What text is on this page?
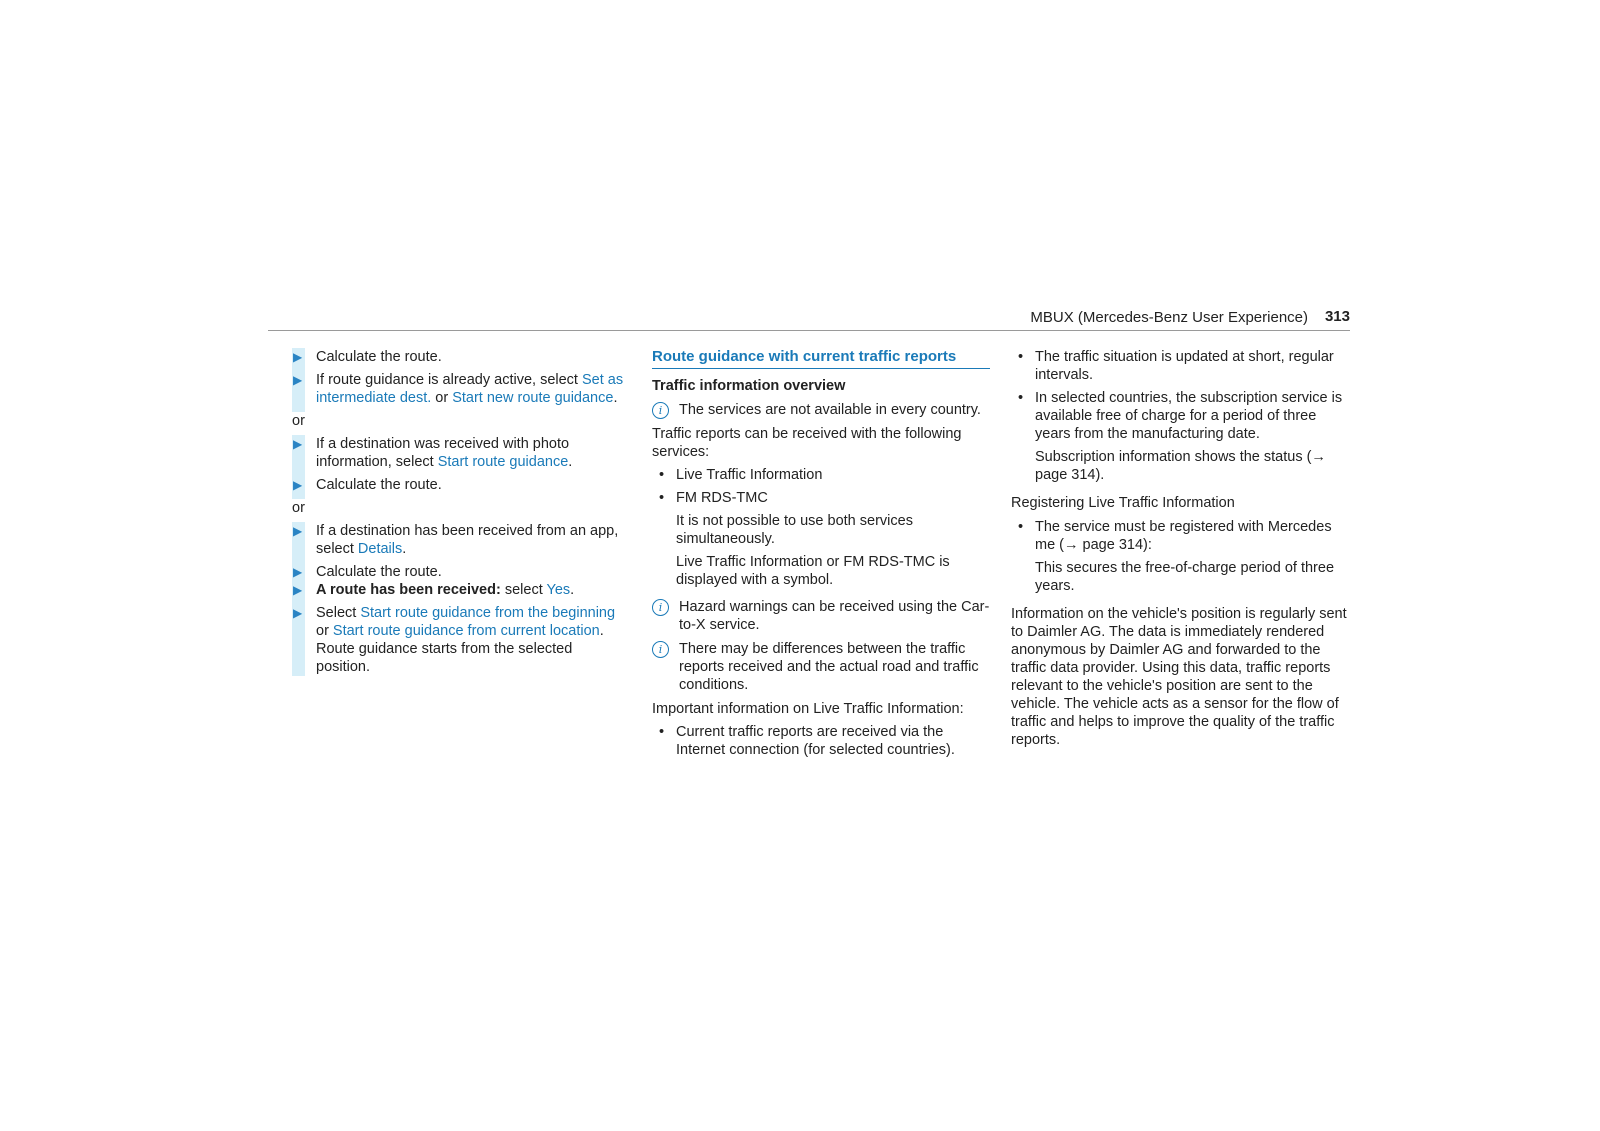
MBUX (Mercedes-Benz User Experience) 313
▶ Calculate the route.
▶ If route guidance is already active, select Set as intermediate dest. or Start new route guidance.
or
▶ If a destination was received with photo information, select Start route guidance.
▶ Calculate the route.
or
▶ If a destination has been received from an app, select Details.
▶ Calculate the route.
▶ A route has been received: select Yes.
▶ Select Start route guidance from the beginning or Start route guidance from current location.
Route guidance starts from the selected position.
Route guidance with current traffic reports
Traffic information overview
i	The services are not available in every country.
Traffic reports can be received with the following services:
• Live Traffic Information
• FM RDS-TMC
It is not possible to use both services simultaneously.
Live Traffic Information or FM RDS-TMC is displayed with a symbol.
i	Hazard warnings can be received using the Car-to-X service.
i	There may be differences between the traffic reports received and the actual road and traffic conditions.
Important information on Live Traffic Information:
• Current traffic reports are received via the Internet connection (for selected countries).
• The traffic situation is updated at short, regular intervals.
• In selected countries, the subscription service is available free of charge for a period of three years from the manufacturing date.
Subscription information shows the status (→ page 314).
Registering Live Traffic Information
• The service must be registered with Mercedes me (→ page 314):
This secures the free-of-charge period of three years.
Information on the vehicle's position is regularly sent to Daimler AG. The data is immediately rendered anonymous by Daimler AG and forwarded to the traffic data provider. Using this data, traffic reports relevant to the vehicle's position are sent to the vehicle. The vehicle acts as a sensor for the flow of traffic and helps to improve the quality of the traffic reports.
